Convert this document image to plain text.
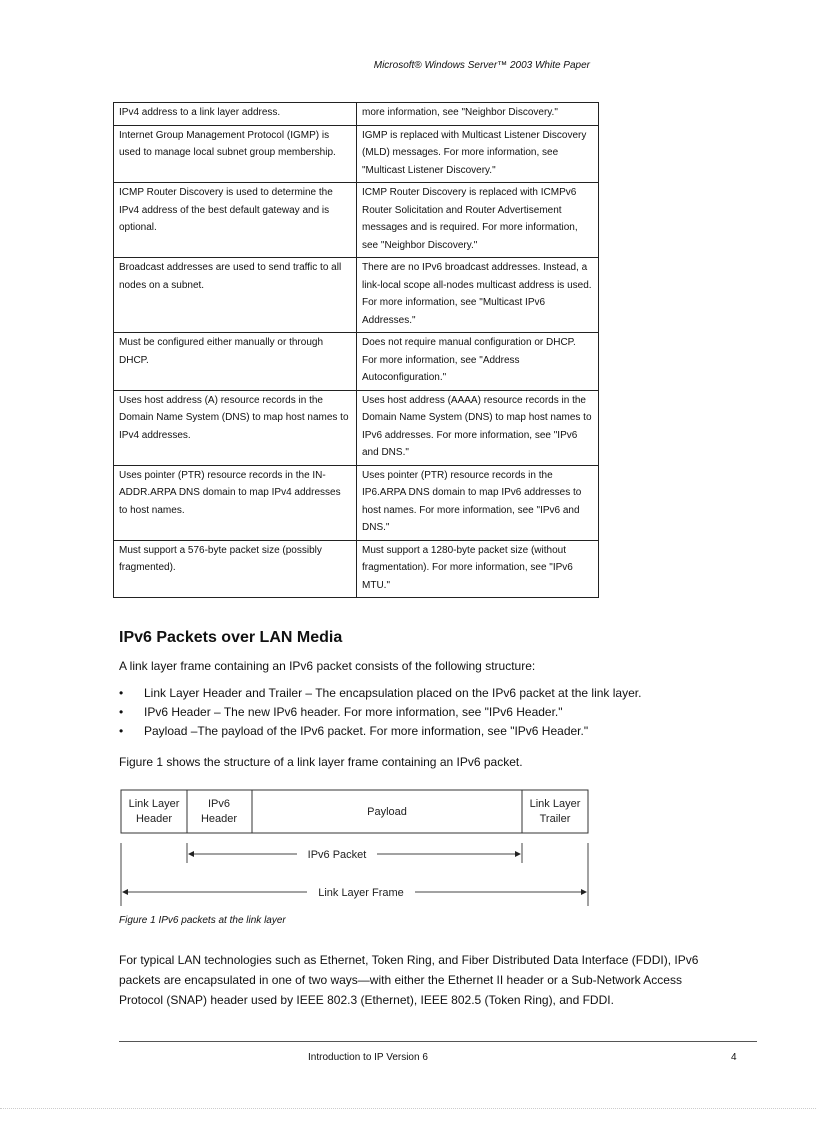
Microsoft® Windows Server™ 2003 White Paper
IPv4 address to a link layer address.	more information, see "Neighbor Discovery."
Internet Group Management Protocol (IGMP) is used to manage local subnet group membership.	IGMP is replaced with Multicast Listener Discovery (MLD) messages. For more information, see "Multicast Listener Discovery."
ICMP Router Discovery is used to determine the IPv4 address of the best default gateway and is optional.	ICMP Router Discovery is replaced with ICMPv6 Router Solicitation and Router Advertisement messages and is required. For more information, see "Neighbor Discovery."
Broadcast addresses are used to send traffic to all nodes on a subnet.	There are no IPv6 broadcast addresses. Instead, a link-local scope all-nodes multicast address is used. For more information, see "Multicast IPv6 Addresses."
Must be configured either manually or through DHCP.	Does not require manual configuration or DHCP. For more information, see "Address Autoconfiguration."
Uses host address (A) resource records in the Domain Name System (DNS) to map host names to IPv4 addresses.	Uses host address (AAAA) resource records in the Domain Name System (DNS) to map host names to IPv6 addresses. For more information, see "IPv6 and DNS."
Uses pointer (PTR) resource records in the IN-ADDR.ARPA DNS domain to map IPv4 addresses to host names.	Uses pointer (PTR) resource records in the IP6.ARPA DNS domain to map IPv6 addresses to host names. For more information, see "IPv6 and DNS."
Must support a 576-byte packet size (possibly fragmented).	Must support a 1280-byte packet size (without fragmentation). For more information, see "IPv6 MTU."
IPv6 Packets over LAN Media
A link layer frame containing an IPv6 packet consists of the following structure:
• Link Layer Header and Trailer – The encapsulation placed on the IPv6 packet at the link layer.
• IPv6 Header – The new IPv6 header. For more information, see "IPv6 Header."
• Payload –The payload of the IPv6 packet. For more information, see "IPv6 Header."
Figure 1 shows the structure of a link layer frame containing an IPv6 packet.
Link Layer
Header
IPv6
Header
Payload
Link Layer
Trailer
IPv6 Packet
Link Layer Frame
Figure 1 IPv6 packets at the link layer
For typical LAN technologies such as Ethernet, Token Ring, and Fiber Distributed Data Interface (FDDI), IPv6 packets are encapsulated in one of two ways—with either the Ethernet II header or a Sub-Network Access Protocol (SNAP) header used by IEEE 802.3 (Ethernet), IEEE 802.5 (Token Ring), and FDDI.
Introduction to IP Version 6	4
